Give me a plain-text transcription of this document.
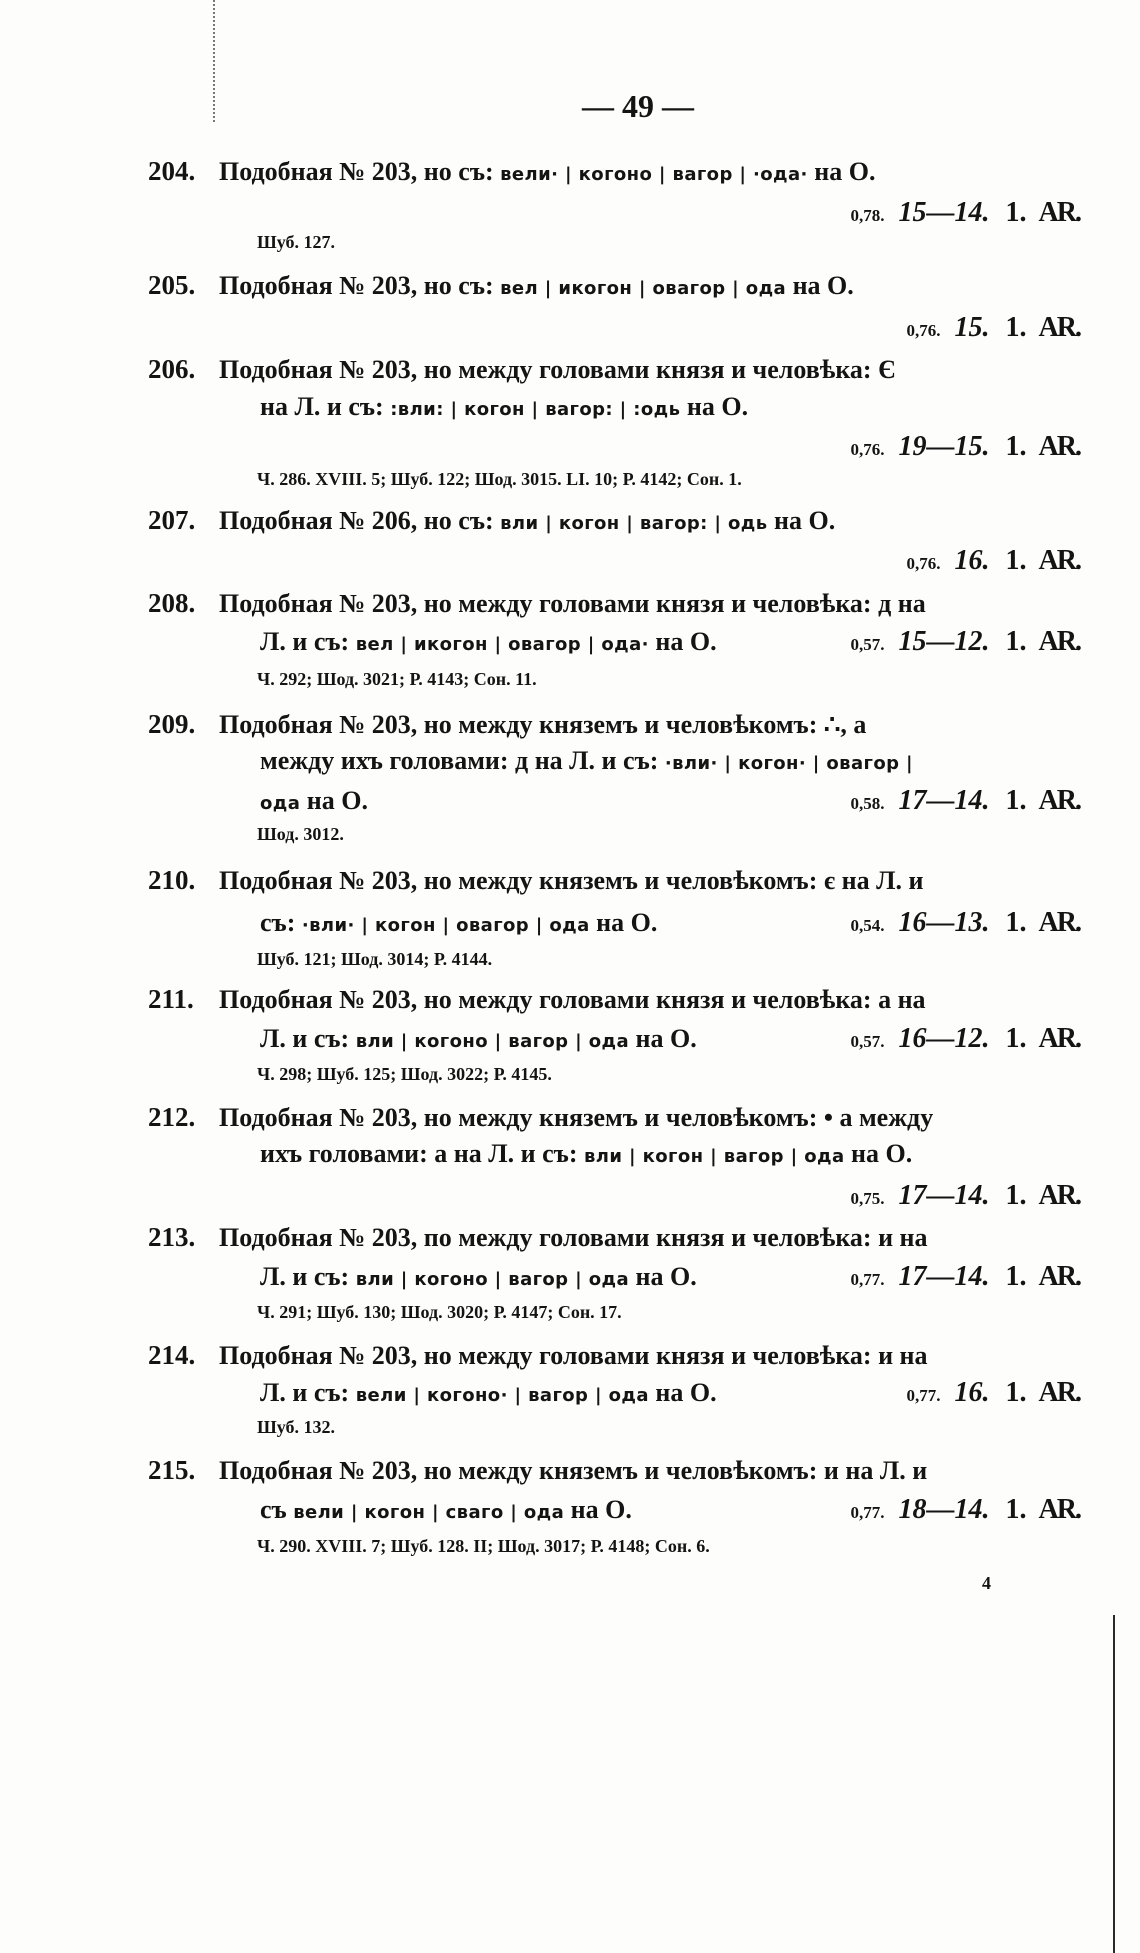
— 49 —
204. Подобная № 203, но съ: вели· | когоно | вагор | ·ода· на О.
0,78. 15—14. 1. AR.
Шуб. 127.
205. Подобная № 203, но съ: вел | икогон | овагор | ода на О.
0,76. 15. 1. AR.
206. Подобная № 203, но между головами князя и человѣка: Є
на Л. и съ: :вли: | когон | вагор: | :одь на О.
0,76. 19—15. 1. AR.
Ч. 286. XVIII. 5; Шуб. 122; Шод. 3015. LI. 10; Р. 4142; Сон. 1.
207. Подобная № 206, но съ: вли | когон | вагор: | одь на О.
0,76. 16. 1. AR.
208. Подобная № 203, но между головами князя и человѣка: д на
Л. и съ: вел | икогон | овагор | ода· на О.	0,57. 15—12. 1. AR.
Ч. 292; Шод. 3021; Р. 4143; Сон. 11.
209. Подобная № 203, но между княземъ и человѣкомъ: ∴, а
между ихъ головами: д на Л. и съ: ·вли· | когон· | овагор |
ода на О.	0,58. 17—14. 1. AR.
Шод. 3012.
210. Подобная № 203, но между княземъ и человѣкомъ: є на Л. и
съ: ·вли· | когон | овагор | ода на О.	0,54. 16—13. 1. AR.
Шуб. 121; Шод. 3014; Р. 4144.
211. Подобная № 203, но между головами князя и человѣка: а на
Л. и съ: вли | когоно | вагор | ода на О.	0,57. 16—12. 1. AR.
Ч. 298; Шуб. 125; Шод. 3022; Р. 4145.
212. Подобная № 203, но между княземъ и человѣкомъ: • а между
ихъ головами: а на Л. и съ: вли | когон | вагор | ода на О.
0,75. 17—14. 1. AR.
213. Подобная № 203, по между головами князя и человѣка: и на
Л. и съ: вли | когоно | вагор | ода на О.	0,77. 17—14. 1. AR.
Ч. 291; Шуб. 130; Шод. 3020; Р. 4147; Сон. 17.
214. Подобная № 203, но между головами князя и человѣка: и на
Л. и съ: вели | когоно· | вагор | ода на О.	0,77. 16. 1. AR.
Шуб. 132.
215. Подобная № 203, но между княземъ и человѣкомъ: и на Л. и
съ вели | когон | сваго | ода на О.	0,77. 18—14. 1. AR.
Ч. 290. XVIII. 7; Шуб. 128. II; Шод. 3017; Р. 4148; Сон. 6.
4
